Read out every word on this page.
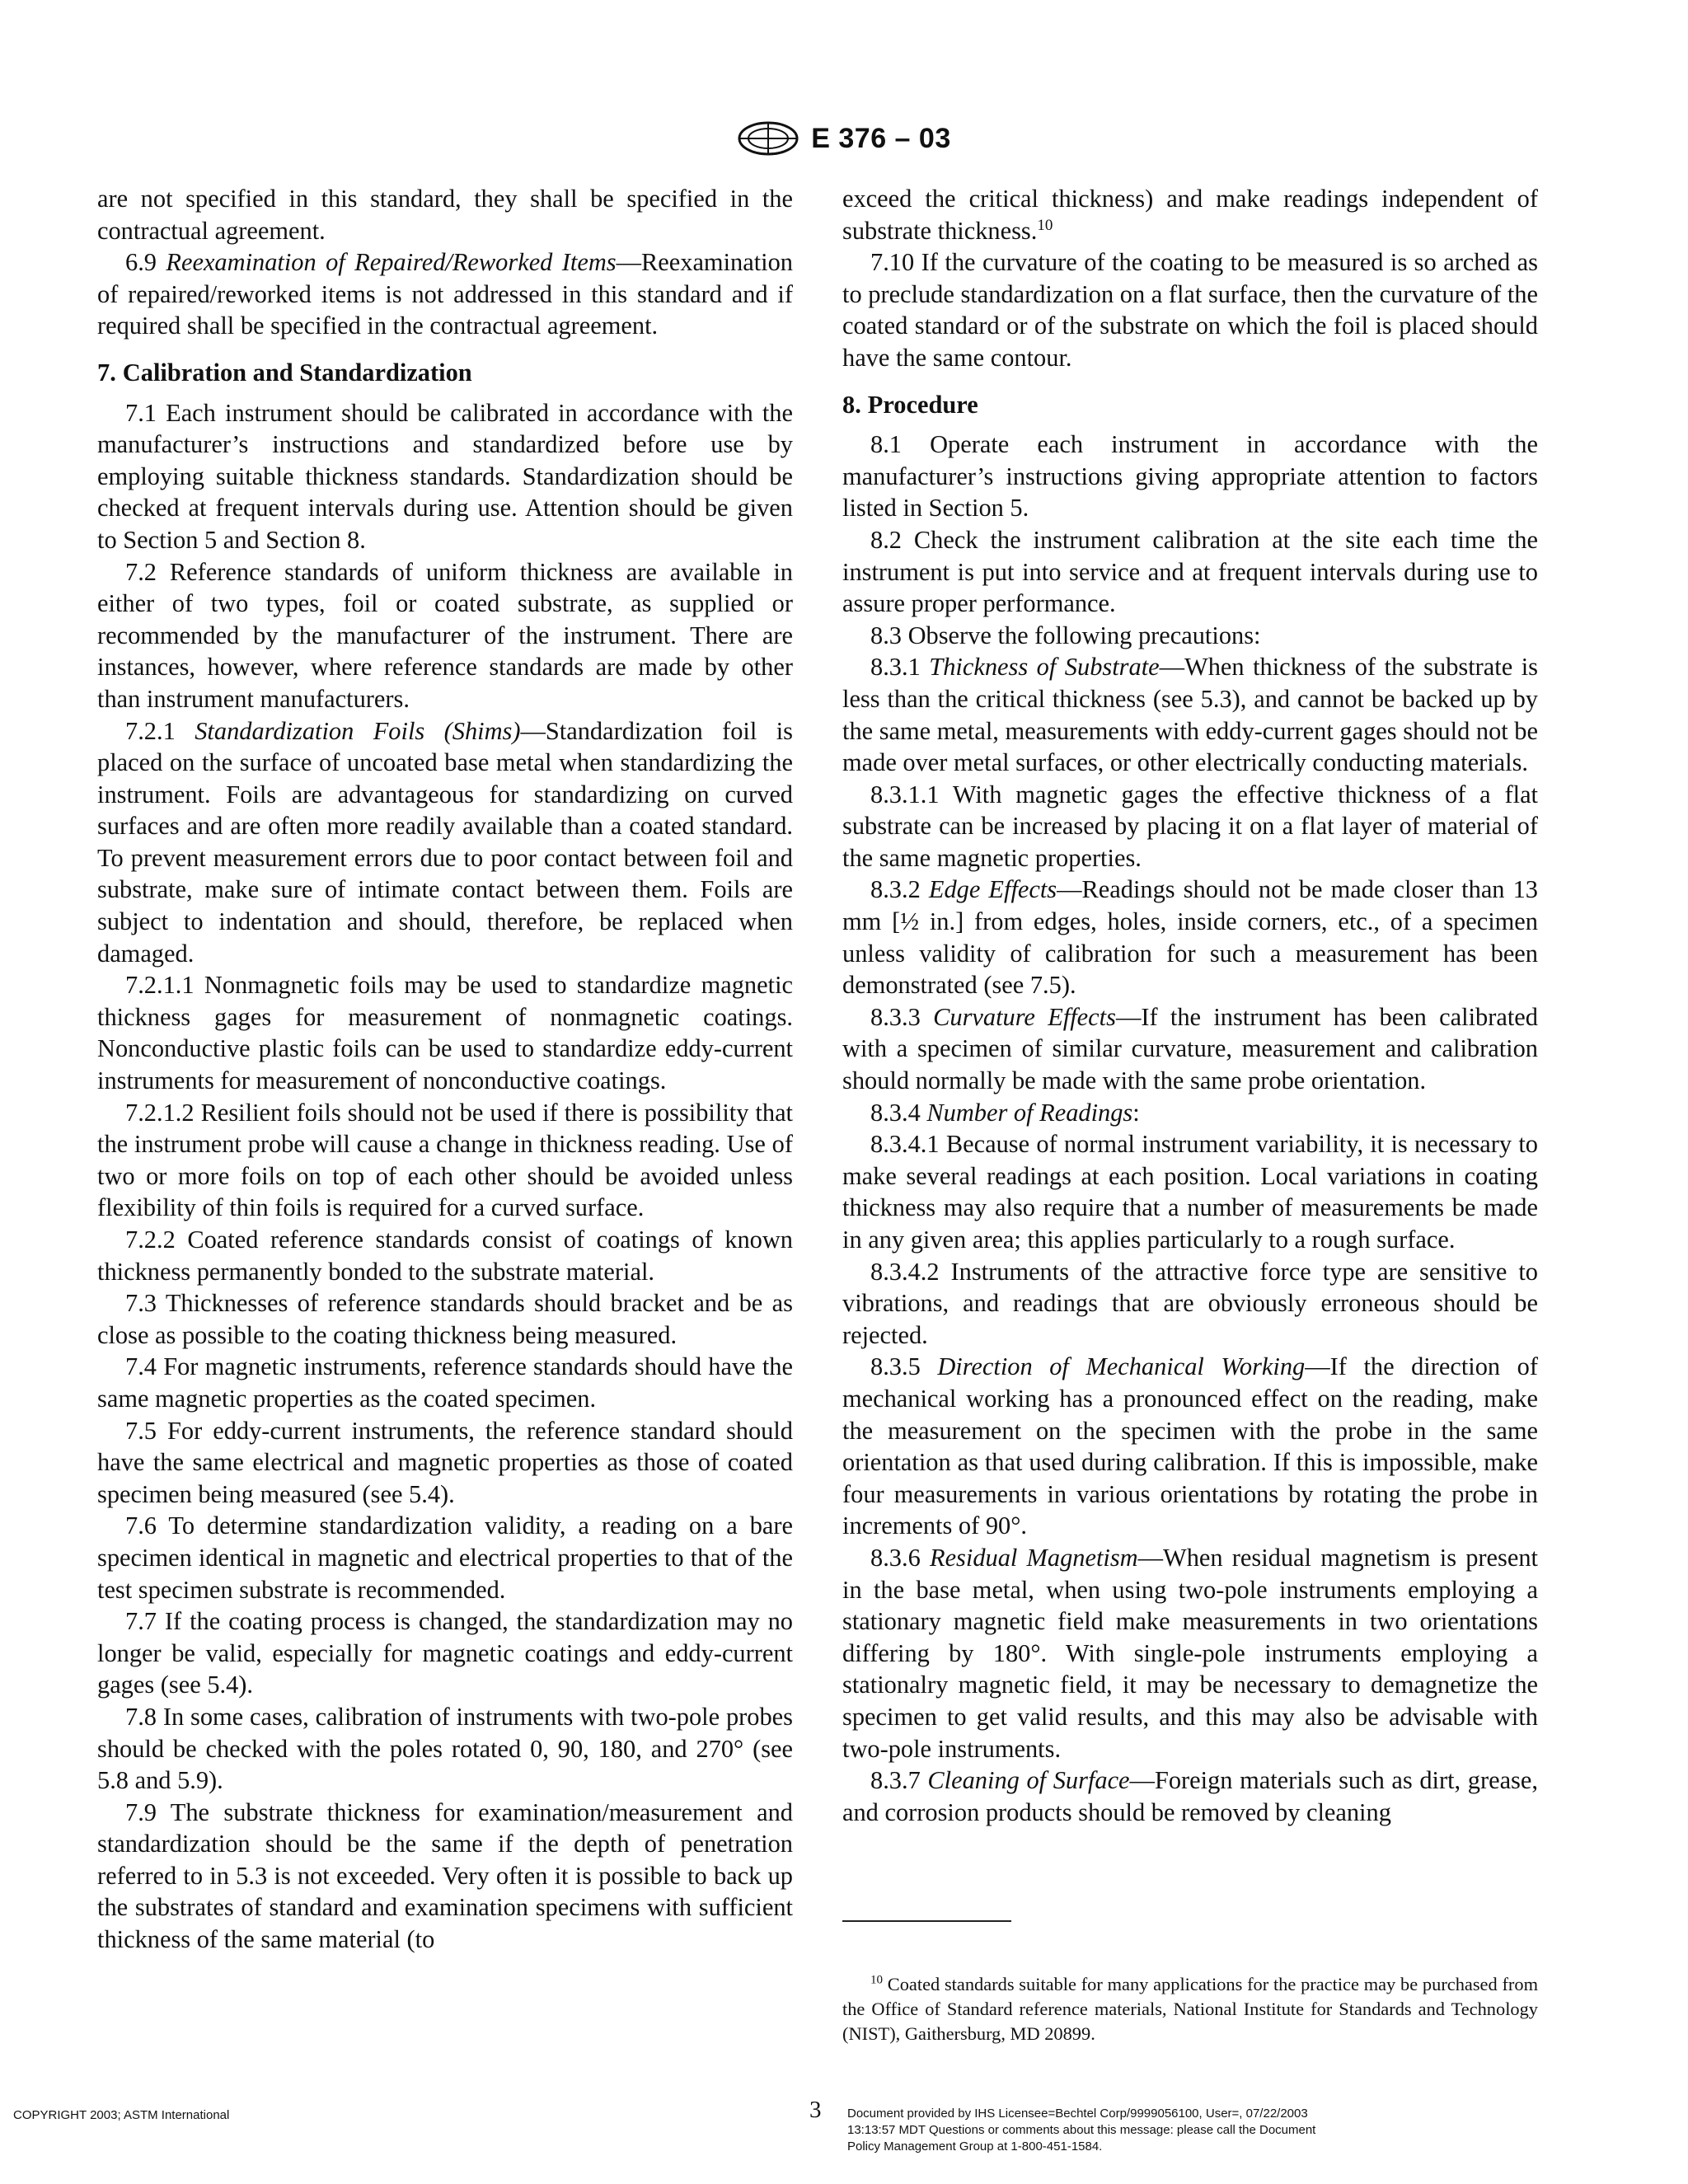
E 376 – 03

are not specified in this standard, they shall be specified in the contractual agreement.

6.9 Reexamination of Repaired/Reworked Items—Reexamination of repaired/reworked items is not addressed in this standard and if required shall be specified in the contractual agreement.

7. Calibration and Standardization

7.1 Each instrument should be calibrated in accordance with the manufacturer’s instructions and standardized before use by employing suitable thickness standards. Standardization should be checked at frequent intervals during use. Attention should be given to Section 5 and Section 8.

7.2 Reference standards of uniform thickness are available in either of two types, foil or coated substrate, as supplied or recommended by the manufacturer of the instrument. There are instances, however, where reference standards are made by other than instrument manufacturers.

7.2.1 Standardization Foils (Shims)—Standardization foil is placed on the surface of uncoated base metal when standardizing the instrument. Foils are advantageous for standardizing on curved surfaces and are often more readily available than a coated standard. To prevent measurement errors due to poor contact between foil and substrate, make sure of intimate contact between them. Foils are subject to indentation and should, therefore, be replaced when damaged.

7.2.1.1 Nonmagnetic foils may be used to standardize magnetic thickness gages for measurement of nonmagnetic coatings. Nonconductive plastic foils can be used to standardize eddy-current instruments for measurement of nonconductive coatings.

7.2.1.2 Resilient foils should not be used if there is possibility that the instrument probe will cause a change in thickness reading. Use of two or more foils on top of each other should be avoided unless flexibility of thin foils is required for a curved surface.

7.2.2 Coated reference standards consist of coatings of known thickness permanently bonded to the substrate material.

7.3 Thicknesses of reference standards should bracket and be as close as possible to the coating thickness being measured.

7.4 For magnetic instruments, reference standards should have the same magnetic properties as the coated specimen.

7.5 For eddy-current instruments, the reference standard should have the same electrical and magnetic properties as those of coated specimen being measured (see 5.4).

7.6 To determine standardization validity, a reading on a bare specimen identical in magnetic and electrical properties to that of the test specimen substrate is recommended.

7.7 If the coating process is changed, the standardization may no longer be valid, especially for magnetic coatings and eddy-current gages (see 5.4).

7.8 In some cases, calibration of instruments with two-pole probes should be checked with the poles rotated 0, 90, 180, and 270° (see 5.8 and 5.9).

7.9 The substrate thickness for examination/measurement and standardization should be the same if the depth of penetration referred to in 5.3 is not exceeded. Very often it is possible to back up the substrates of standard and examination specimens with sufficient thickness of the same material (to

exceed the critical thickness) and make readings independent of substrate thickness.$^{10}$

7.10 If the curvature of the coating to be measured is so arched as to preclude standardization on a flat surface, then the curvature of the coated standard or of the substrate on which the foil is placed should have the same contour.

8. Procedure

8.1 Operate each instrument in accordance with the manufacturer’s instructions giving appropriate attention to factors listed in Section 5.

8.2 Check the instrument calibration at the site each time the instrument is put into service and at frequent intervals during use to assure proper performance.

8.3 Observe the following precautions:

8.3.1 Thickness of Substrate—When thickness of the substrate is less than the critical thickness (see 5.3), and cannot be backed up by the same metal, measurements with eddy-current gages should not be made over metal surfaces, or other electrically conducting materials.

8.3.1.1 With magnetic gages the effective thickness of a flat substrate can be increased by placing it on a flat layer of material of the same magnetic properties.

8.3.2 Edge Effects—Readings should not be made closer than 13 mm [½ in.] from edges, holes, inside corners, etc., of a specimen unless validity of calibration for such a measurement has been demonstrated (see 7.5).

8.3.3 Curvature Effects—If the instrument has been calibrated with a specimen of similar curvature, measurement and calibration should normally be made with the same probe orientation.

8.3.4 Number of Readings:

8.3.4.1 Because of normal instrument variability, it is necessary to make several readings at each position. Local variations in coating thickness may also require that a number of measurements be made in any given area; this applies particularly to a rough surface.

8.3.4.2 Instruments of the attractive force type are sensitive to vibrations, and readings that are obviously erroneous should be rejected.

8.3.5 Direction of Mechanical Working—If the direction of mechanical working has a pronounced effect on the reading, make the measurement on the specimen with the probe in the same orientation as that used during calibration. If this is impossible, make four measurements in various orientations by rotating the probe in increments of 90°.

8.3.6 Residual Magnetism—When residual magnetism is present in the base metal, when using two-pole instruments employing a stationary magnetic field make measurements in two orientations differing by 180°. With single-pole instruments employing a stationalry magnetic field, it may be necessary to demagnetize the specimen to get valid results, and this may also be advisable with two-pole instruments.

8.3.7 Cleaning of Surface—Foreign materials such as dirt, grease, and corrosion products should be removed by cleaning

$^{10}$ Coated standards suitable for many applications for the practice may be purchased from the Office of Standard reference materials, National Institute for Standards and Technology (NIST), Gaithersburg, MD 20899.
COPYRIGHT 2003; ASTM International	3 Document provided by IHS Licensee=Bechtel Corp/9999056100, User=, 07/22/2003
13:13:57 MDT Questions or comments about this message: please call the Document
Policy Management Group at 1-800-451-1584.
